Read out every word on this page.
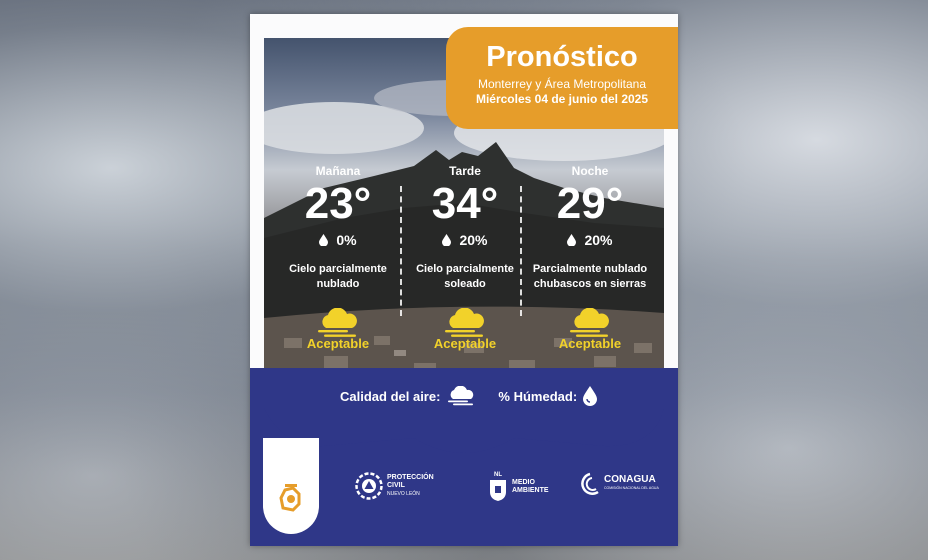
Pronóstico
Monterrey y Área Metropolitana
Miércoles 04 de junio del 2025
Mañana
23°
0%
Cielo parcialmente
nublado
Aceptable
Tarde
34°
20%
Cielo parcialmente
soleado
Aceptable
Noche
29°
20%
Parcialmente nublado
chubascos en sierras
Aceptable
Calidad del aire:	% Húmedad:
PROTECCIÓN
CIVIL
NUEVO LEÓN
NL
MEDIO
AMBIENTE
CONAGUA
COMISIÓN NACIONAL DEL AGUA
